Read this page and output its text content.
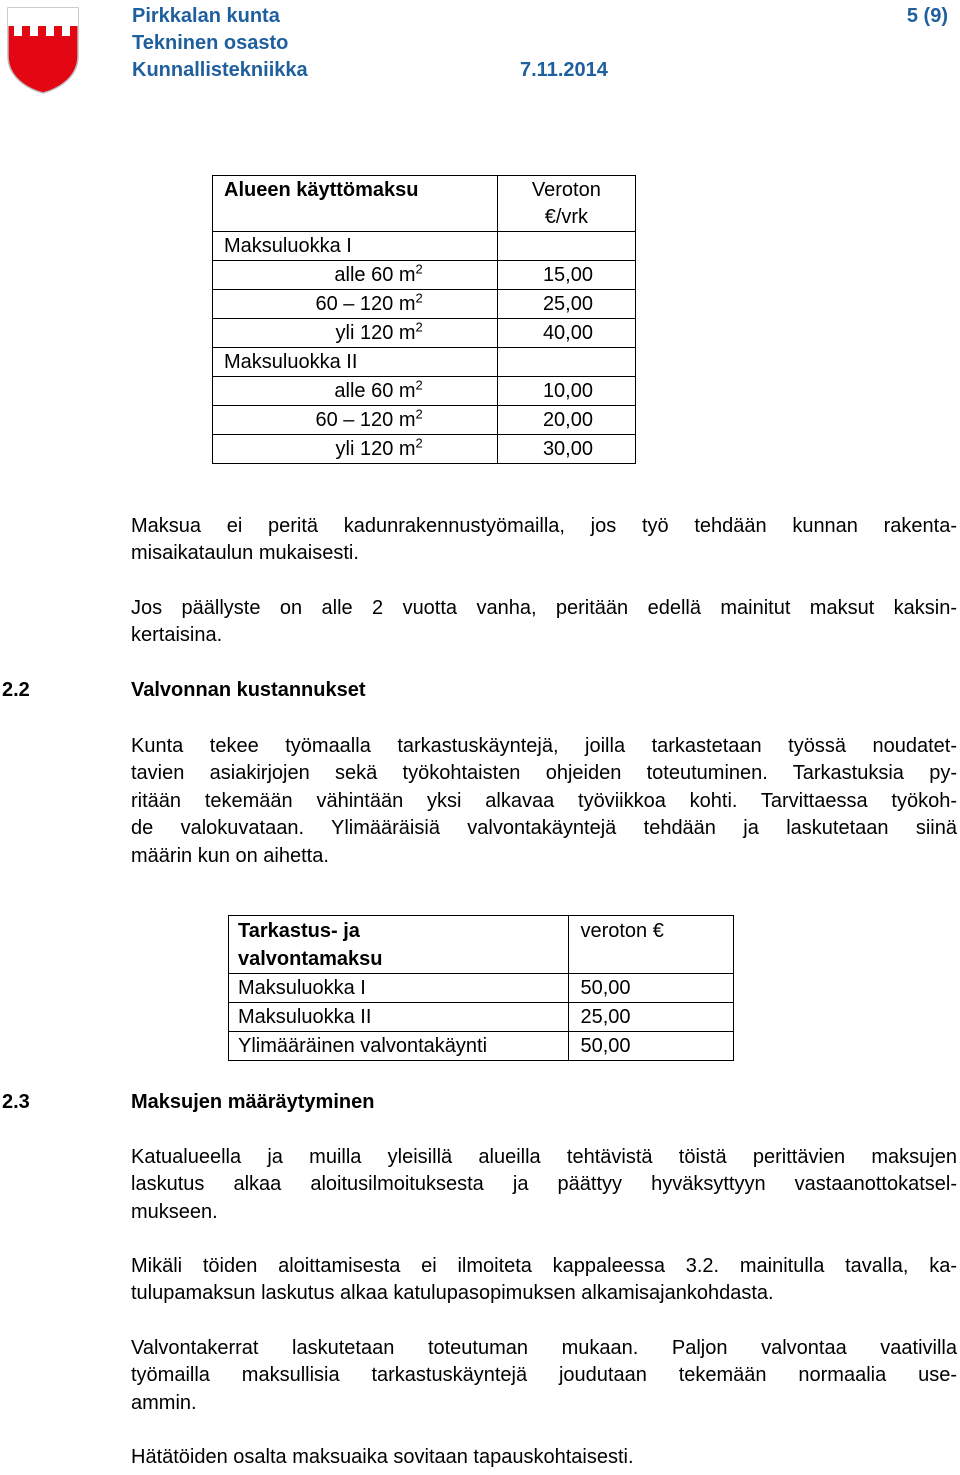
Pirkkalan kunta
Tekninen osasto
Kunnallistekniikka	7.11.2014
5 (9)
Alueen käyttömaksu	Veroton
€/vrk
Maksuluokka I	
alle 60 $m^2$	15,00
60 – 120 $m^2$	25,00
yli 120 $m^2$	40,00
Maksuluokka II	
alle 60 $m^2$	10,00
60 – 120 $m^2$	20,00
yli 120 $m^2$	30,00
Maksua ei peritä kadunrakennustyömailla, jos työ tehdään kunnan rakenta-
misaikataulun mukaisesti.
Jos päällyste on alle 2 vuotta vanha, peritään edellä mainitut maksut kaksin-
kertaisina.
2.2	Valvonnan kustannukset
Kunta tekee työmaalla tarkastuskäyntejä, joilla tarkastetaan työssä noudatet-
tavien asiakirjojen sekä työkohtaisten ohjeiden toteutuminen. Tarkastuksia py-
ritään tekemään vähintään yksi alkavaa työviikkoa kohti. Tarvittaessa työkoh-
de valokuvataan. Ylimääräisiä valvontakäyntejä tehdään ja laskutetaan siinä
määrin kun on aihetta.
Tarkastus- ja
valvontamaksu	veroton €
Maksuluokka I	50,00
Maksuluokka II	25,00
Ylimääräinen valvontakäynti	50,00
2.3	Maksujen määräytyminen
Katualueella ja muilla yleisillä alueilla tehtävistä töistä perittävien maksujen
laskutus alkaa aloitusilmoituksesta ja päättyy hyväksyttyyn vastaanottokatsel-
mukseen.
Mikäli töiden aloittamisesta ei ilmoiteta kappaleessa 3.2. mainitulla tavalla, ka-
tulupamaksun laskutus alkaa katulupasopimuksen alkamisajankohdasta.
Valvontakerrat laskutetaan toteutuman mukaan. Paljon valvontaa vaativilla
työmailla maksullisia tarkastuskäyntejä joudutaan tekemään normaalia use-
ammin.
Hätätöiden osalta maksuaika sovitaan tapauskohtaisesti.
